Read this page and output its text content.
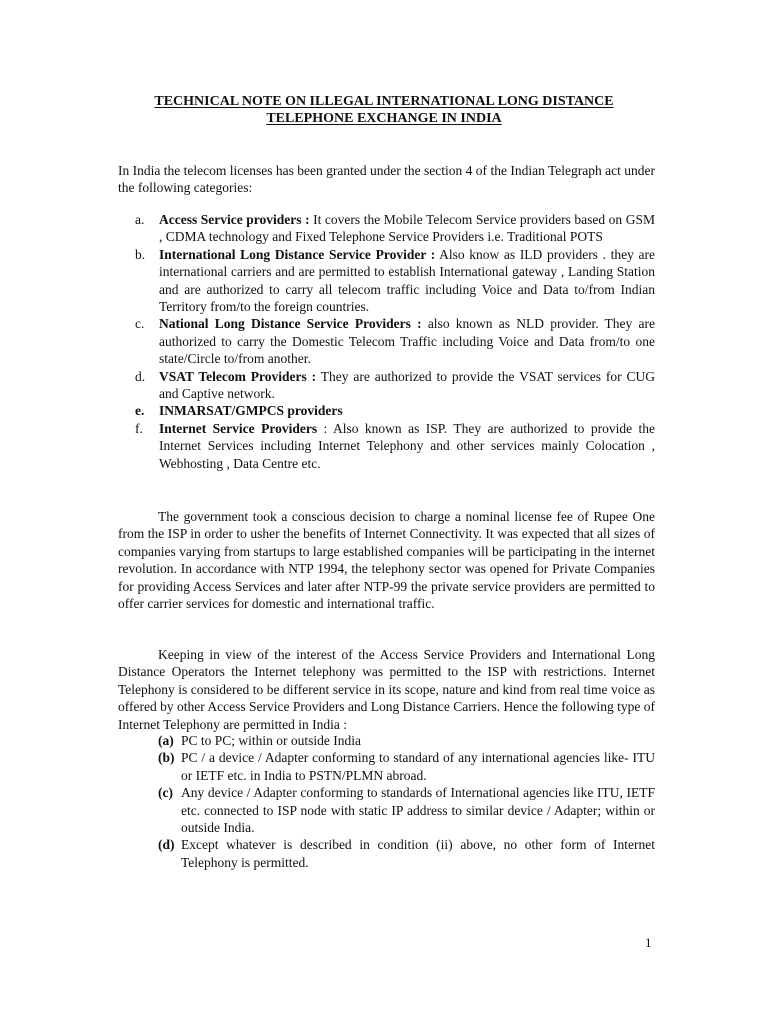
TECHNICAL NOTE ON ILLEGAL INTERNATIONAL LONG DISTANCE
TELEPHONE EXCHANGE IN INDIA
In India the telecom licenses has been granted under the section 4 of the Indian Telegraph act under the following categories:
a. Access Service providers : It covers the Mobile Telecom Service providers based on GSM , CDMA technology and Fixed Telephone Service Providers i.e. Traditional POTS
b. International Long Distance Service Provider : Also know as ILD providers . they are international carriers and are permitted to establish International gateway , Landing Station and are authorized to carry all telecom traffic including Voice and Data to/from Indian Territory from/to the foreign countries.
c. National Long Distance Service Providers : also known as NLD provider. They are authorized to carry the Domestic Telecom Traffic including Voice and Data from/to one state/Circle to/from another.
d. VSAT Telecom Providers : They are authorized to provide the VSAT services for CUG and Captive network.
e. INMARSAT/GMPCS providers
f. Internet Service Providers : Also known as ISP. They are authorized to provide the Internet Services including Internet Telephony and other services mainly Colocation , Webhosting , Data Centre etc.
The government took a conscious decision to charge a nominal license fee of Rupee One from the ISP in order to usher the benefits of Internet Connectivity. It was expected that all sizes of companies varying from startups to large established companies will be participating in the internet revolution. In accordance with NTP 1994, the telephony sector was opened for Private Companies for providing Access Services and later after NTP-99 the private service providers are permitted to offer carrier services for domestic and international traffic.
Keeping in view of the interest of the Access Service Providers and International Long Distance Operators the Internet telephony was permitted to the ISP with restrictions. Internet Telephony is considered to be different service in its scope, nature and kind from real time voice as offered by other Access Service Providers and Long Distance Carriers. Hence the following type of Internet Telephony are permitted in India :
(a) PC to PC; within or outside India
(b) PC / a device / Adapter conforming to standard of any international agencies like- ITU or IETF etc. in India to PSTN/PLMN abroad.
(c) Any device / Adapter conforming to standards of International agencies like ITU, IETF etc. connected to ISP node with static IP address to similar device / Adapter; within or outside India.
(d) Except whatever is described in condition (ii) above, no other form of Internet Telephony is permitted.
1
